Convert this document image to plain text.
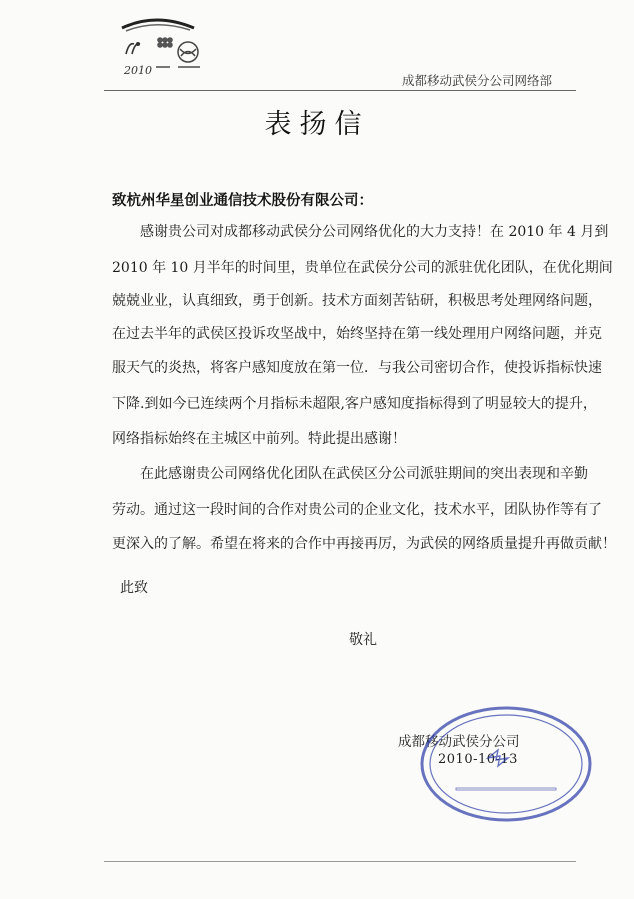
2010
成都移动武侯分公司网络部
表扬信
致杭州华星创业通信技术股份有限公司：
感谢贵公司对成都移动武侯分公司网络优化的大力支持！在 2010 年 4 月到
2010 年 10 月半年的时间里，贵单位在武侯分公司的派驻优化团队，在优化期间
兢兢业业，认真细致，勇于创新。技术方面刻苦钻研，积极思考处理网络问题，
在过去半年的武侯区投诉攻坚战中，始终坚持在第一线处理用户网络问题，并克
服天气的炎热，将客户感知度放在第一位．与我公司密切合作，使投诉指标快速
下降.到如今已连续两个月指标未超限,客户感知度指标得到了明显较大的提升，
网络指标始终在主城区中前列。特此提出感谢！
在此感谢贵公司网络优化团队在武侯区分公司派驻期间的突出表现和辛勤
劳动。通过这一段时间的合作对贵公司的企业文化，技术水平，团队协作等有了
更深入的了解。希望在将来的合作中再接再厉，为武侯的网络质量提升再做贡献！
此致
敬礼
成都移动武侯分公司
2010-10-13
